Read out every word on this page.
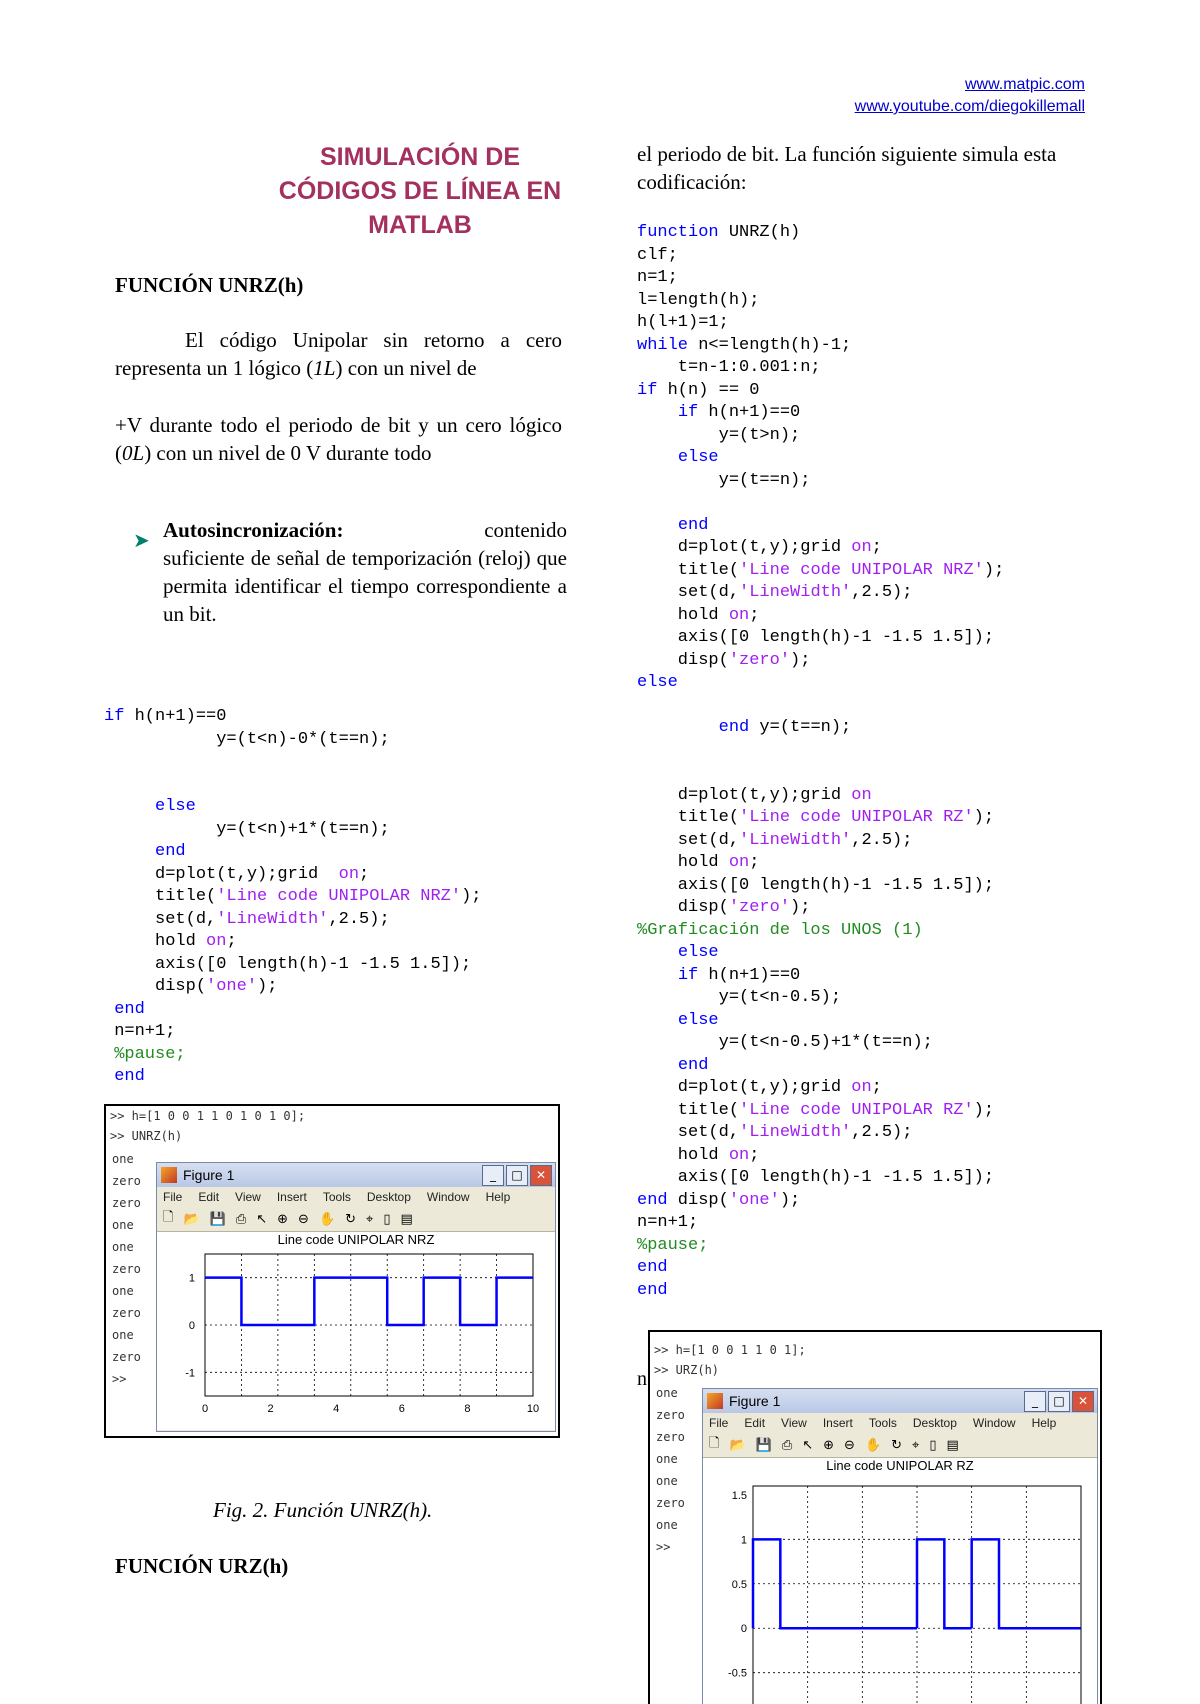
www.matpic.com
www.youtube.com/diegokillemall
SIMULACIÓN DE
CÓDIGOS DE LÍNEA EN
MATLAB
FUNCIÓN UNRZ(h)
El código Unipolar sin retorno a cero representa un 1 lógico (1L) con un nivel de
+V durante todo el periodo de bit y un cero lógico (0L) con un nivel de 0 V durante todo
➤ Autosincronización:	contenido
suficiente de señal de temporización (reloj) que permita identificar el tiempo correspondiente a un bit.
if h(n+1)==0
y=(t<n)-0*(t==n);

else
y=(t<n)+1*(t==n);
end
d=plot(t,y);grid  on;
title('Line code UNIPOLAR NRZ');
set(d,'LineWidth',2.5);
hold on;
axis([0 length(h)-1 -1.5 1.5]);
disp('one');
end
n=n+1;
%pause;
end
>> h=[1 0 0 1 1 0 1 0 1 0];
>> UNRZ(h)
one
zero
zero
one
one
zero
one
zero
one
zero
>>
Figure 1	_	□	✕
File Edit View Insert Tools Desktop Window Help
🗋 📂 💾 ⎙ ↖ ⊕ ⊖ ✋ ↻ ⌖ ▯ ▤
Line code UNIPOLAR NRZ
1
0
-1
0	2	4	6	8	10
Fig. 2. Función UNRZ(h).
FUNCIÓN URZ(h)
el periodo de bit. La función siguiente simula esta codificación:
function UNRZ(h)
clf;
n=1;
l=length(h);
h(l+1)=1;
while n<=length(h)-1;
t=n-1:0.001:n;
if h(n) == 0
if h(n+1)==0
y=(t>n);
else
y=(t==n);

end
d=plot(t,y);grid on;
title('Line code UNIPOLAR NRZ');
set(d,'LineWidth',2.5);
hold on;
axis([0 length(h)-1 -1.5 1.5]);
disp('zero');
else

end y=(t==n);

d=plot(t,y);grid on
title('Line code UNIPOLAR RZ');
set(d,'LineWidth',2.5);
hold on;
axis([0 length(h)-1 -1.5 1.5]);
disp('zero');
%Graficación de los UNOS (1)
else
if h(n+1)==0
y=(t<n-0.5);
else
y=(t<n-0.5)+1*(t==n);
end
d=plot(t,y);grid on;
title('Line code UNIPOLAR RZ');
set(d,'LineWidth',2.5);
hold on;
axis([0 length(h)-1 -1.5 1.5]);
end disp('one');
n=n+1;
%pause;
end
end
n
>> h=[1 0 0 1 1 0 1];
>> URZ(h)
one
zero
zero
one
one
zero
one
>>
Figure 1	_	□	✕
File Edit View Insert Tools Desktop Window Help
🗋 📂 💾 ⎙ ↖ ⊕ ⊖ ✋ ↻ ⌖ ▯ ▤
Line code UNIPOLAR RZ
1.5
1
0.5
0
-0.5
